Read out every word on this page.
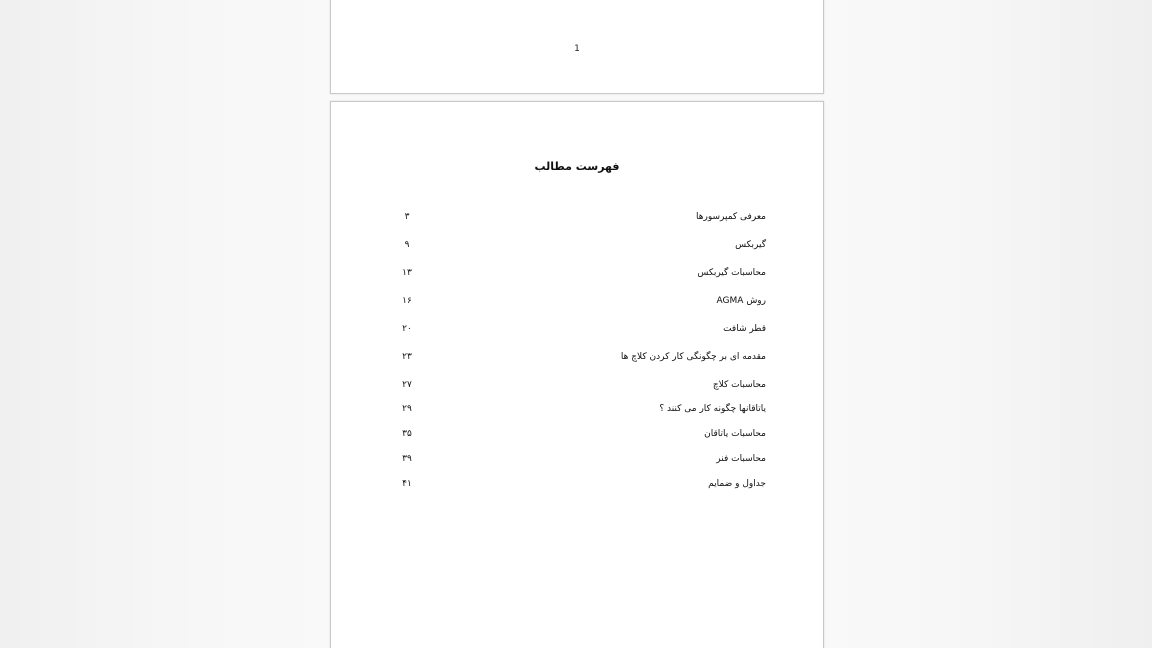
1
فهرست مطالب
معرفی کمپرسورها
۳
گیربکس
۹
محاسبات گیربکس
۱۳
روش AGMA
۱۶
قطر شافت
۲۰
مقدمه ای بر چگونگی کار کردن کلاچ ها
۲۳
محاسبات کلاچ
۲۷
یاتاقانها چگونه کار می کنند ؟
۲۹
محاسبات یاتاقان
۳۵
محاسبات فنر
۳۹
جداول و ضمایم
۴۱
